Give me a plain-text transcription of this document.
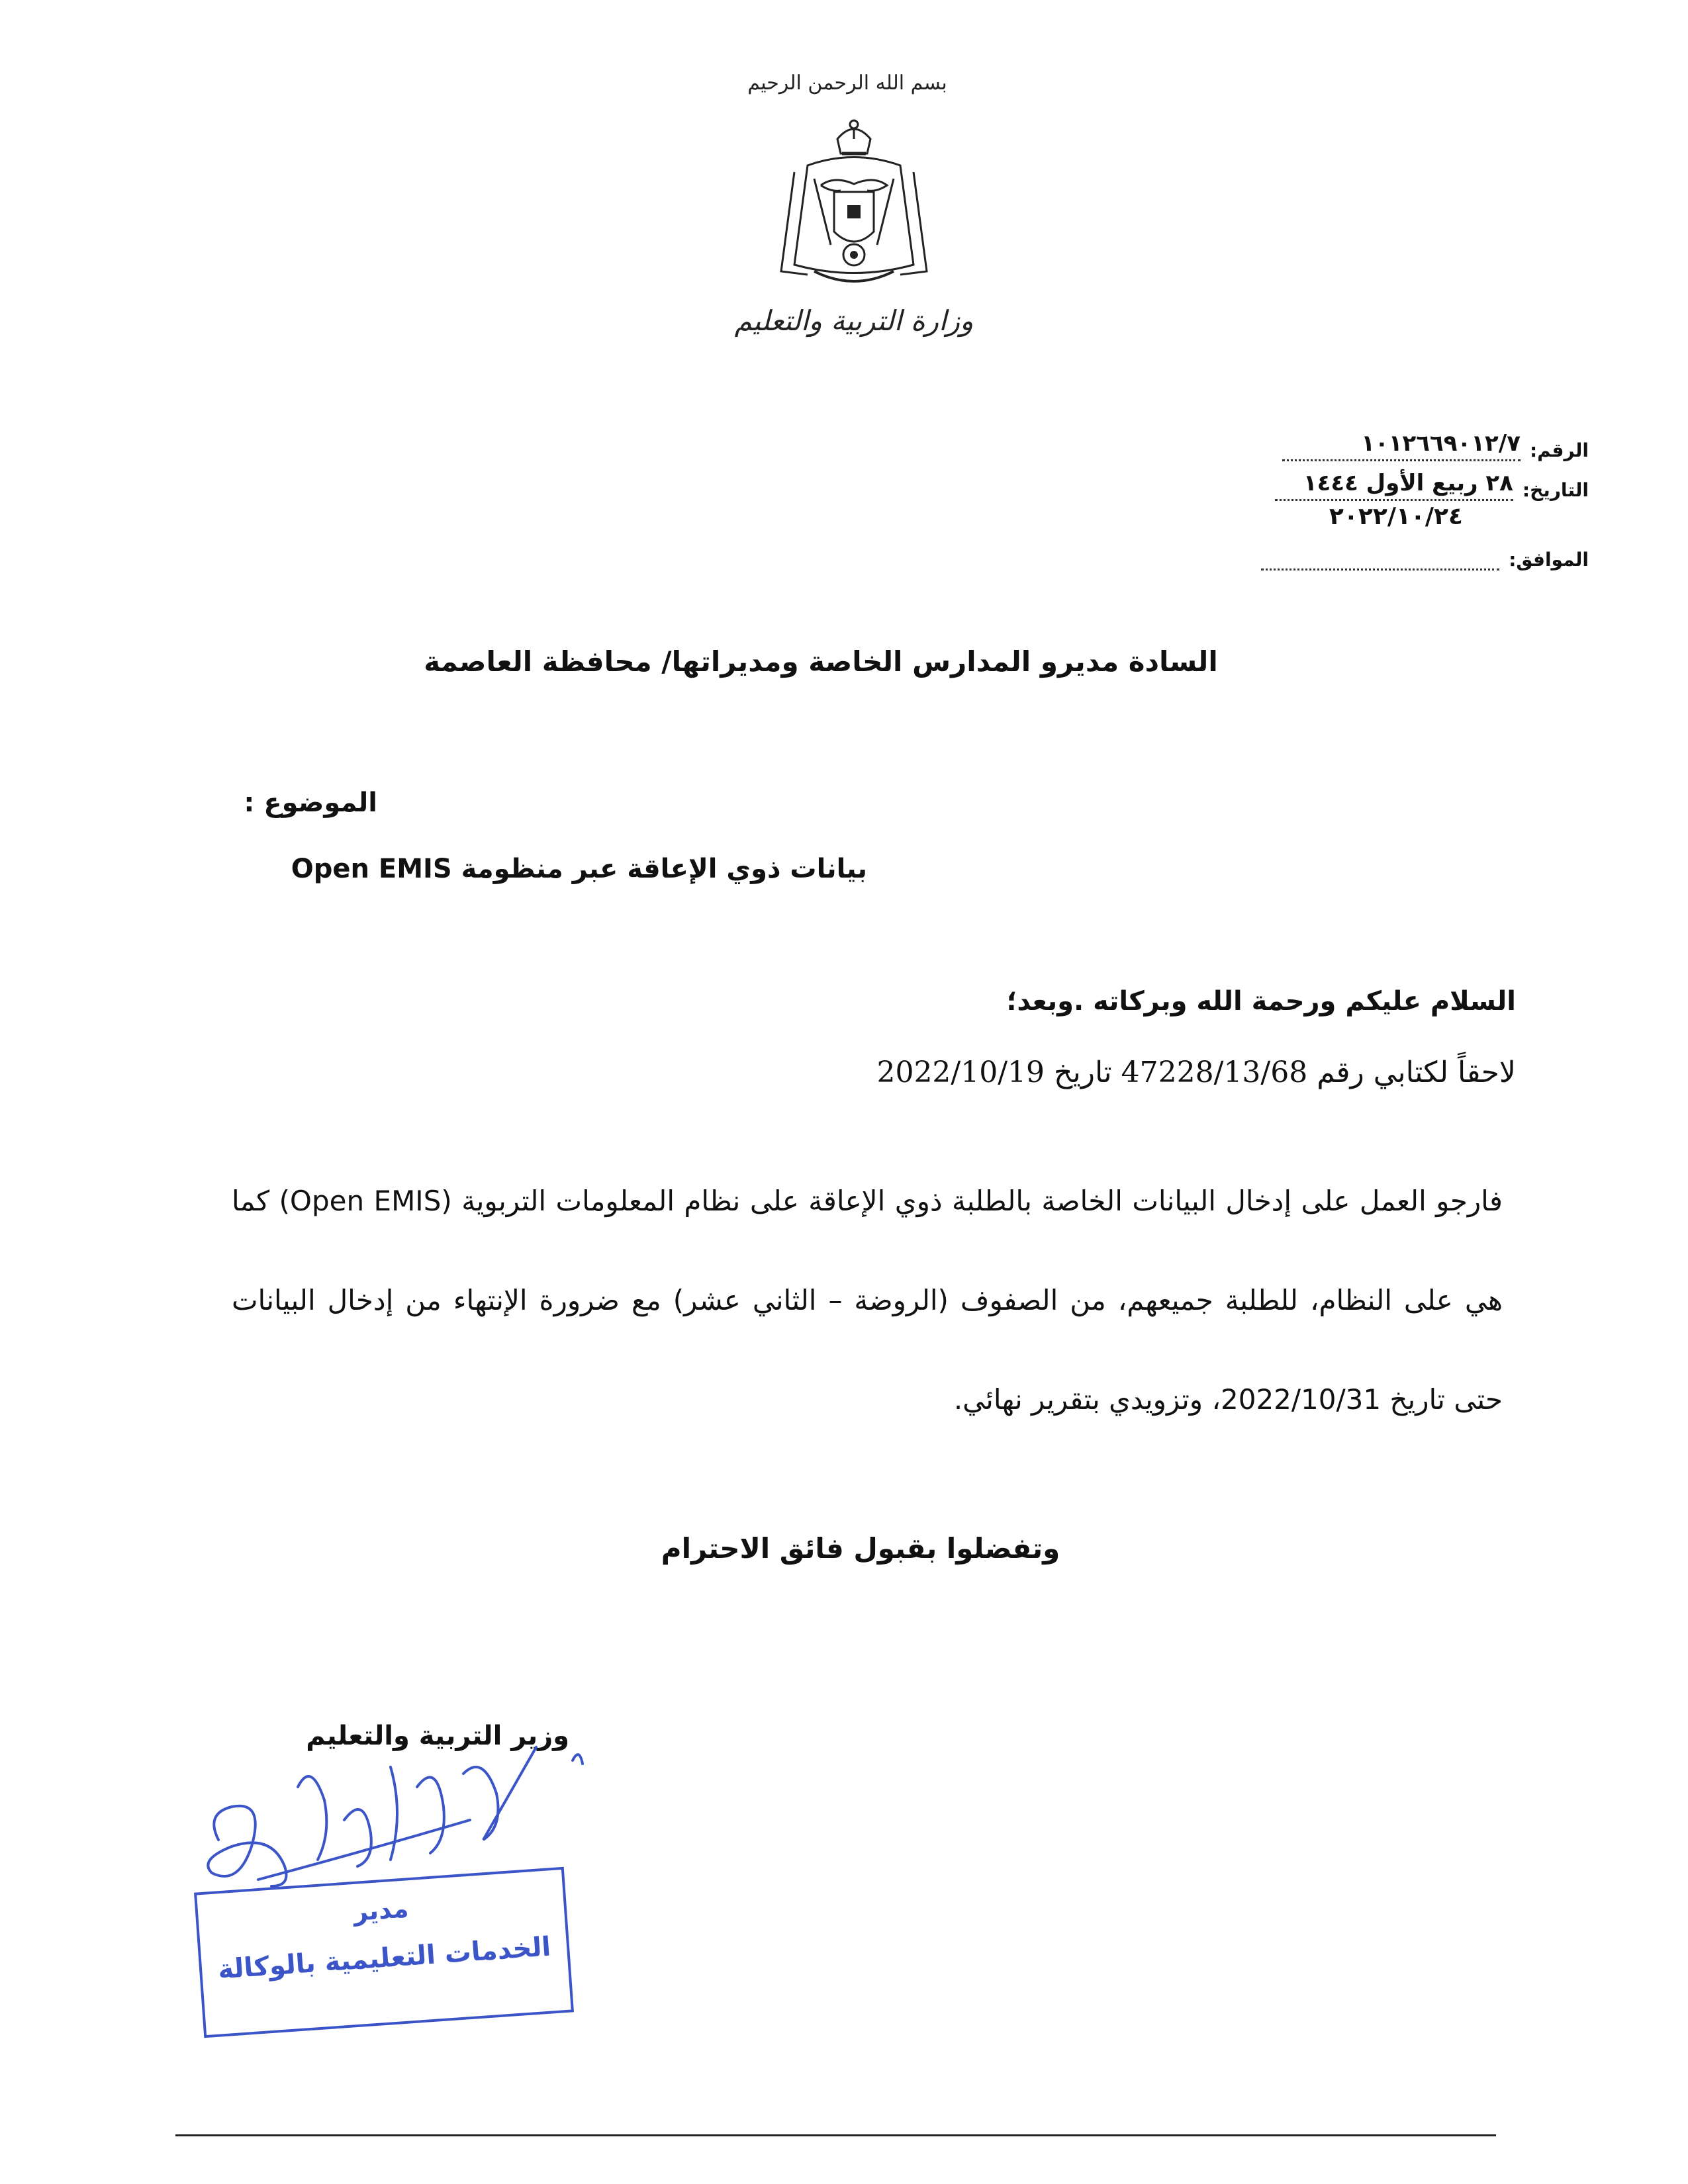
بسم الله الرحمن الرحيم
وزارة التربية والتعليم
الرقم:
١٠١٢٦٦٩٠١٢/٧
التاريخ:
٢٨ ربيع الأول ١٤٤٤
٢٠٢٢/١٠/٢٤
الموافق:

السادة مديرو المدارس الخاصة ومديراتها/ محافظة العاصمة
الموضوع :
بيانات ذوي الإعاقة عبر منظومة Open EMIS
السلام عليكم ورحمة الله وبركاته .وبعد؛
لاحقاً لكتابي رقم 47228/13/68 تاريخ 2022/10/19
فارجو العمل على إدخال البيانات الخاصة بالطلبة ذوي الإعاقة على نظام المعلومات التربوية (Open EMIS) كما هي على النظام، للطلبة جميعهم، من الصفوف (الروضة – الثاني عشر) مع ضرورة الإنتهاء من إدخال البيانات حتى تاريخ 2022/10/31، وتزويدي بتقرير نهائي.
وتفضلوا بقبول فائق الاحترام
وزير التربية والتعليم
مدير
الخدمات التعليمية بالوكالة
